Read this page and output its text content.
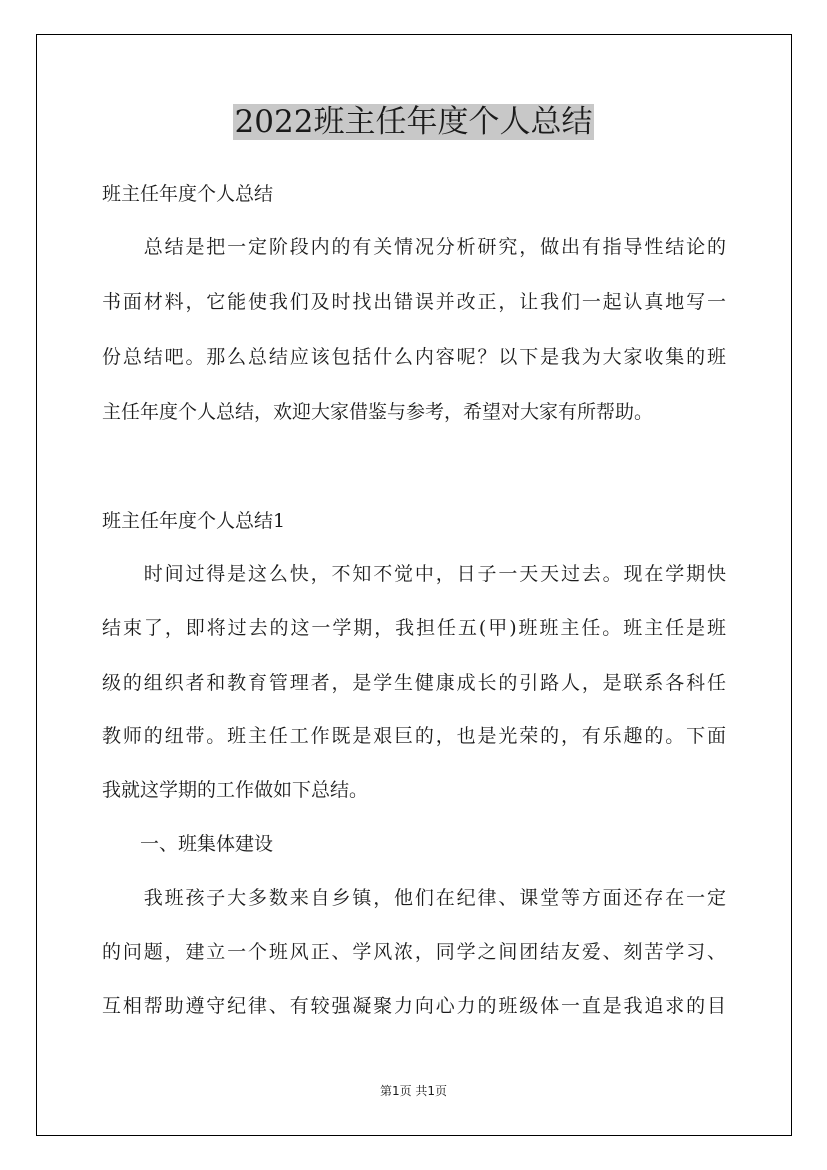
2022班主任年度个人总结
班主任年度个人总结
　　总结是把一定阶段内的有关情况分析研究，做出有指导性结论的
书面材料，它能使我们及时找出错误并改正，让我们一起认真地写一
份总结吧。那么总结应该包括什么内容呢？以下是我为大家收集的班
主任年度个人总结，欢迎大家借鉴与参考，希望对大家有所帮助。
班主任年度个人总结1
　　时间过得是这么快，不知不觉中，日子一天天过去。现在学期快
结束了，即将过去的这一学期，我担任五(甲)班班主任。班主任是班
级的组织者和教育管理者，是学生健康成长的引路人，是联系各科任
教师的纽带。班主任工作既是艰巨的，也是光荣的，有乐趣的。下面
我就这学期的工作做如下总结。
　　一、班集体建设
　　我班孩子大多数来自乡镇，他们在纪律、课堂等方面还存在一定
的问题，建立一个班风正、学风浓，同学之间团结友爱、刻苦学习、
互相帮助遵守纪律、有较强凝聚力向心力的班级体一直是我追求的目
第1页 共1页
